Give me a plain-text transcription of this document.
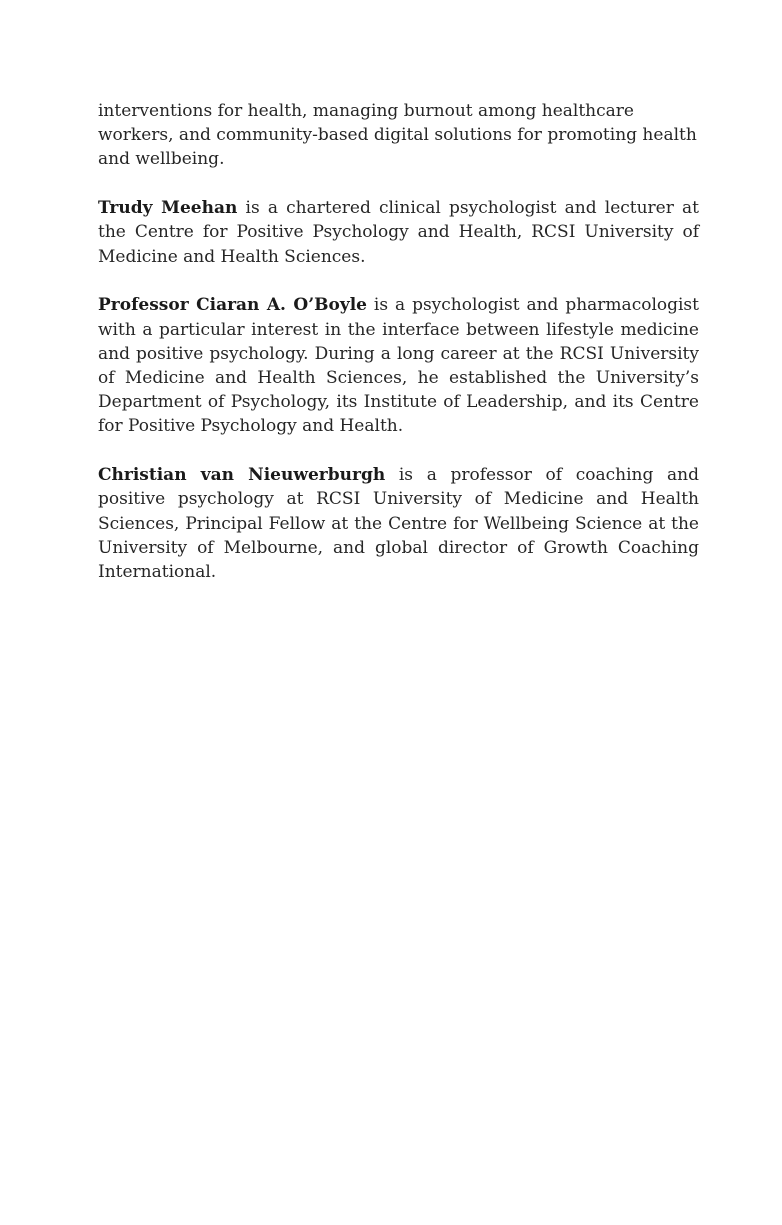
interventions for health, managing burnout among healthcare workers, and community-based digital solutions for promoting health and wellbeing.

Trudy Meehan is a chartered clinical psychologist and lecturer at the Centre for Positive Psychology and Health, RCSI University of Medicine and Health Sciences.

Professor Ciaran A. O’Boyle is a psychologist and pharmacologist with a particular interest in the interface between lifestyle medicine and positive psychology. During a long career at the RCSI University of Medicine and Health Sciences, he established the University’s Department of Psychology, its Institute of Leadership, and its Centre for Positive Psychology and Health.

Christian van Nieuwerburgh is a professor of coaching and positive psychology at RCSI University of Medicine and Health Sciences, Principal Fellow at the Centre for Wellbeing Science at the University of Melbourne, and global director of Growth Coaching International.
